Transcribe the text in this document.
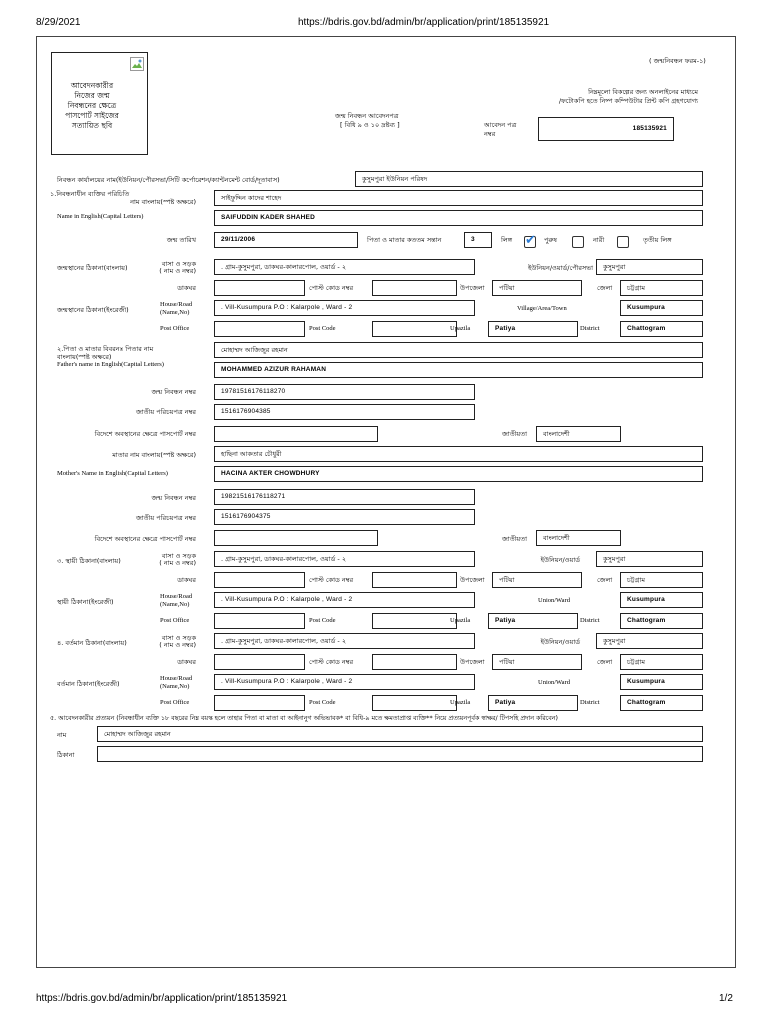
8/29/2021	https://bdris.gov.bd/admin/br/application/print/185135921
https://bdris.gov.bd/admin/br/application/print/185135921	1/2
আবেদনকারীর
নিজের জন্ম
নিবন্ধনের ক্ষেত্রে
পাসপোর্ট সাইজের
সত্যায়িত ছবি
( জন্মনিবন্ধন ফরম-১)
নিম্নমূলো বিকল্পের জন্য অনলাইনের মাধ্যমে
/ফটোকপি হতে নিষ্প কম্পিউটার প্রিন্ট কপি গ্রহণযোগ্য
জন্ম নিবন্ধন আবেদনপত্র
[ বিধি ৯ ও ১০ দ্রষ্টব্য ]	আবেদন পত্র
নম্বর
185135921
নিবন্ধন কার্যালয়ের নাম(ইউনিয়ন/পৌরসভা/সিটি কর্পোরেশন/ক্যান্টনমেন্ট বোর্ড/দূতাবাস)	কুসুমপুরা ইউনিয়ন পরিষদ
১.নিবন্ধনাধীন ব্যক্তির পরিচিতি
নাম বাংলায়(স্পষ্ট অক্ষরে)	সাইফুদ্দিন কাদের শাহেদ
Name in English(Capital Letters)	SAIFUDDIN KADER SHAHED
জন্ম তারিখ	29/11/2006	পিতা ও মাতার কততম সন্তান	3	লিঙ্গ ✔ পুরুষ	নারী	তৃতীয় লিঙ্গ
জন্মস্থানের ঠিকানা(বাংলায়)	বাসা ও সড়ক
( নাম ও নম্বর)	. গ্রাম-কুসুমপুরা, ডাকঘর-কালারপোল, ওয়ার্ড - ২	ইউনিয়ন/ওয়ার্ড/পৌরসভা	কুসুমপুরা
ডাকঘর	পোস্ট কোড নম্বর	উপজেলা	পটিয়া	জেলা	চট্টগ্রাম
জন্মস্থানের ঠিকানা(ইংরেজী)
House/Road
(Name,No)
. Vill-Kusumpura P.O : Kalarpole , Ward - 2	Village/Area/Town	Kusumpura
Post Office	Post Code	Upazila	Patiya	District	Chattogram
২.পিতা ও মাতার বিবরনঃ পিতার নাম
বাংলায়(স্পষ্ট অক্ষরে)
Father's name in English(Capital Letters)
মোহাম্মদ আজিজুর রহমান
MOHAMMED AZIZUR RAHAMAN
জন্ম নিবন্ধন নম্বর	19781516176118270
জাতীয় পরিচয়পত্র নম্বর	1516176904385
বিদেশে অবস্থানের ক্ষেত্রে পাসপোর্ট নম্বর	জাতীয়তা	বাংলাদেশী
মাতার নাম বাংলায়(স্পষ্ট অক্ষরে)	হাছিনা আকতার চৌধুরী
Mother's Name in English(Capital Letters)	HACINA AKTER CHOWDHURY
জন্ম নিবন্ধন নম্বর	19821516176118271
জাতীয় পরিচয়পত্র নম্বর	1516176904375
বিদেশে অবস্থানের ক্ষেত্রে পাসপোর্ট নম্বর	জাতীয়তা	বাংলাদেশী
৩. স্থায়ী ঠিকানা(বাংলায়)
বাসা ও সড়ক
( নাম ও নম্বর)	. গ্রাম-কুসুমপুরা, ডাকঘর-কালারপোল, ওয়ার্ড - ২	ইউনিয়ন/ওয়ার্ড	কুসুমপুরা
ডাকঘর	পোস্ট কোড নম্বর	উপজেলা	পটিয়া	জেলা	চট্টগ্রাম
স্থায়ী ঠিকানা(ইংরেজী)
House/Road
(Name,No)
. Vill-Kusumpura P.O : Kalarpole , Ward - 2	Union/Ward	Kusumpura
Post Office	Post Code	Upazila	Patiya	District	Chattogram
৪. বর্তমান ঠিকানা(বাংলায়)
বাসা ও সড়ক
( নাম ও নম্বর)	. গ্রাম-কুসুমপুরা, ডাকঘর-কালারপোল, ওয়ার্ড - ২	ইউনিয়ন/ওয়ার্ড	কুসুমপুরা
ডাকঘর	পোস্ট কোড নম্বর	উপজেলা	পটিয়া	জেলা	চট্টগ্রাম
বর্তমান ঠিকানা(ইংরেজী)
House/Road
(Name,No)
. Vill-Kusumpura P.O : Kalarpole , Ward - 2	Union/Ward	Kusumpura
Post Office	Post Code	Upazila	Patiya	District	Chattogram
৫. আবেদনকারীর প্রত্যয়ন (নিবন্ধাধীন ব্যক্তি ১৮ বছরের নিম্ন বয়স্ক হলে তাহার পিতা বা মাতা বা আইনানুগ অভিভাবক* বা বিধি-৯ মতে ক্ষমতাপ্রাপ্ত ব্যক্তি** নিয়ে প্রত্যয়নপূর্বক স্বাক্ষর/ টিপসহি প্রদান করিবেন)
নাম	মোহাম্মদ আজিজুর রহমান
ঠিকানা
